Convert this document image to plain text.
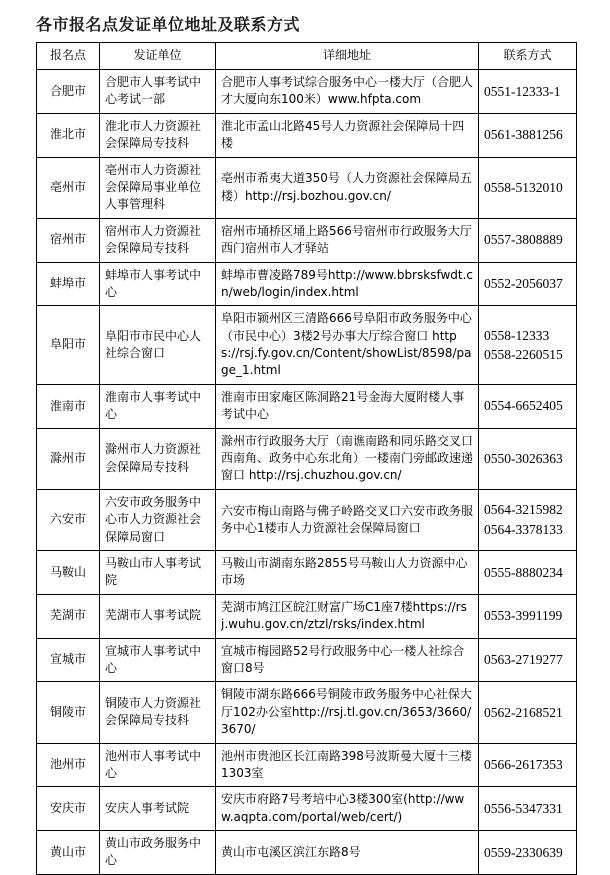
各市报名点发证单位地址及联系方式
报名点	发证单位	详细地址	联系方式
合肥市	合肥市人事考试中心考试一部	合肥市人事考试综合服务中心一楼大厅（合肥人才大厦向东100米）www.hfpta.com	0551-12333-1

淮北市	淮北市人力资源社会保障局专技科	淮北市孟山北路45号人力资源社会保障局十四楼	0561-3881256

亳州市	亳州市人力资源社会保障局事业单位人事管理科	亳州市希夷大道350号（人力资源社会保障局五楼）http://rsj.bozhou.gov.cn/	0558-5132010

宿州市	宿州市人力资源社会保障局专技科	宿州市埇桥区埇上路566号宿州市行政服务大厅西门宿州市人才驿站	0557-3808889

蚌埠市	蚌埠市人事考试中心	蚌埠市曹凌路789号http://www.bbrsksfwdt.cn/web/login/index.html	0552-2056037

阜阳市	阜阳市市民中心人社综合窗口	阜阳市颍州区三清路666号阜阳市政务服务中心（市民中心）3楼2号办事大厅综合窗口 https://rsj.fy.gov.cn/Content/showList/8598/page_1.html	0558-12333
0558-2260515

淮南市	淮南市人事考试中心	淮南市田家庵区陈洞路21号金海大厦附楼人事考试中心	0554-6652405

滁州市	滁州市人力资源社会保障局专技科	滁州市行政服务大厅（南谯南路和同乐路交叉口西南角、政务中心东北角）一楼南门旁邮政速递窗口 http://rsj.chuzhou.gov.cn/	0550-3026363

六安市	六安市政务服务中心市人力资源社会保障局窗口	六安市梅山南路与佛子岭路交叉口六安市政务服务中心1楼市人力资源社会保障局窗口	0564-3215982
0564-3378133

马鞍山	马鞍山市人事考试院	马鞍山市湖南东路2855号马鞍山人力资源中心市场	0555-8880234

芜湖市	芜湖市人事考试院	芜湖市鸠江区皖江财富广场C1座7楼https://rsj.wuhu.gov.cn/ztzl/rsks/index.html	0553-3991199

宣城市	宣城市人事考试中心	宣城市梅园路52号行政服务中心一楼人社综合窗口8号	0563-2719277

铜陵市	铜陵市人力资源社会保障局专技科	铜陵市湖东路666号铜陵市政务服务中心社保大厅102办公室http://rsj.tl.gov.cn/3653/3660/3670/	0562-2168521

池州市	池州市人事考试中心	池州市贵池区长江南路398号波斯曼大厦十三楼1303室	0566-2617353

安庆市	安庆人事考试院	安庆市府路7号考培中心3楼300室(http://www.aqpta.com/portal/web/cert/)	0556-5347331

黄山市	黄山市政务服务中心	黄山市屯溪区滨江东路8号	0559-2330639
